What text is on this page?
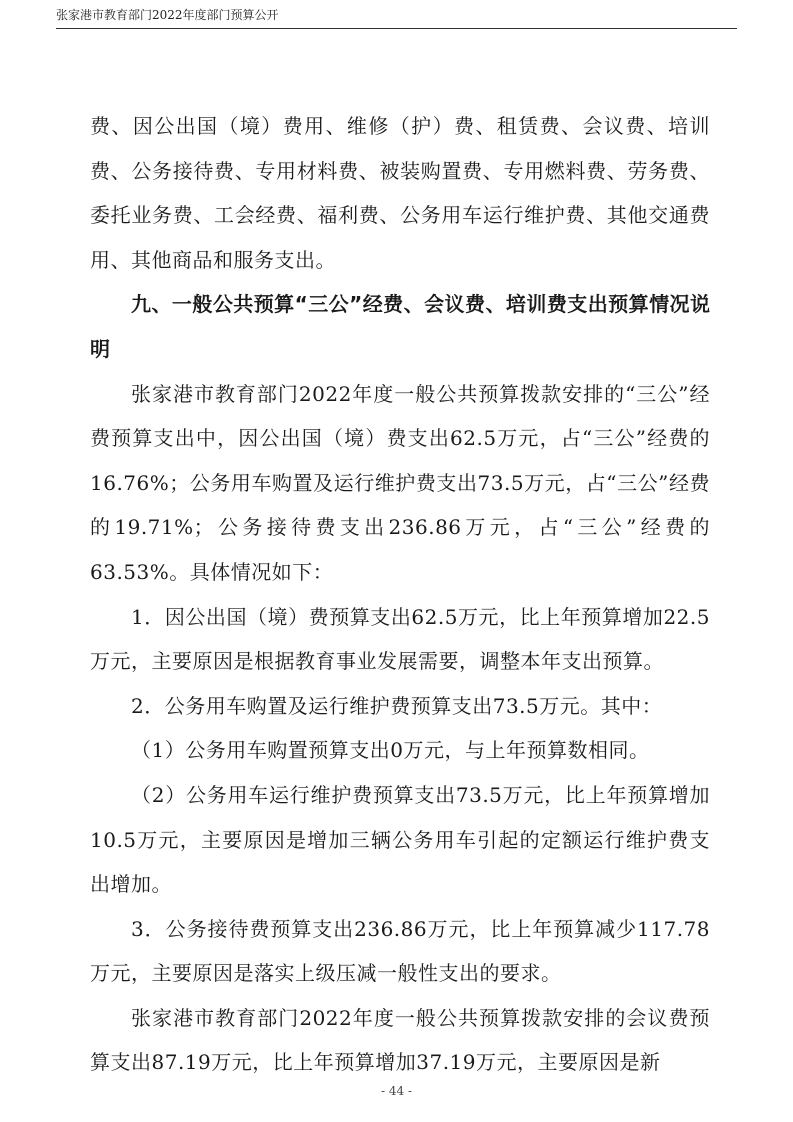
张家港市教育部门2022年度部门预算公开

费、因公出国（境）费用、维修（护）费、租赁费、会议费、培训费、公务接待费、专用材料费、被装购置费、专用燃料费、劳务费、委托业务费、工会经费、福利费、公务用车运行维护费、其他交通费用、其他商品和服务支出。

九、一般公共预算“三公”经费、会议费、培训费支出预算情况说明

张家港市教育部门2022年度一般公共预算拨款安排的“三公”经费预算支出中，因公出国（境）费支出62.5万元，占“三公”经费的16.76%；公务用车购置及运行维护费支出73.5万元，占“三公”经费的19.71%；公务接待费支出236.86万元，占“三公”经费的63.53%。具体情况如下：

1．因公出国（境）费预算支出62.5万元，比上年预算增加22.5万元，主要原因是根据教育事业发展需要，调整本年支出预算。

2．公务用车购置及运行维护费预算支出73.5万元。其中：

（1）公务用车购置预算支出0万元，与上年预算数相同。

（2）公务用车运行维护费预算支出73.5万元，比上年预算增加10.5万元，主要原因是增加三辆公务用车引起的定额运行维护费支出增加。

3．公务接待费预算支出236.86万元，比上年预算减少117.78万元，主要原因是落实上级压减一般性支出的要求。

张家港市教育部门2022年度一般公共预算拨款安排的会议费预算支出87.19万元，比上年预算增加37.19万元，主要原因是新

- 44 -
